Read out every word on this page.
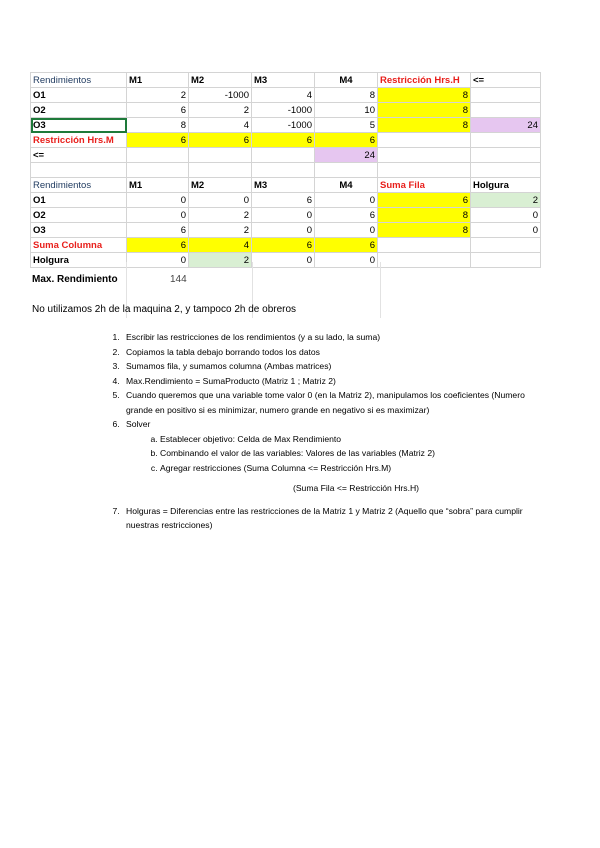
Rendimientos	M1	M2	M3	M4	Restricción Hrs.H	<=
O1	2	-1000	4	8	8	
O2	6	2	-1000	10	8	
O3	8	4	-1000	5	8	24
Restricción Hrs.M	6	6	6	6		
<=				24		

Rendimientos	M1	M2	M3	M4	Suma Fila	Holgura
O1	0	0	6	0	6	2
O2	0	2	0	6	8	0
O3	6	2	0	0	8	0
Suma Columna	6	4	6	6		
Holgura	0	2	0	0		
Max. Rendimiento	144
No utilizamos 2h de la maquina 2, y tampoco 2h de obreros
1. Escribir las restricciones de los rendimientos (y a su lado, la suma)
2. Copiamos la tabla debajo borrando todos los datos
3. Sumamos fila, y sumamos columna (Ambas matrices)
4. Max.Rendimiento = SumaProducto (Matriz 1 ; Matriz 2)
5. Cuando queremos que una variable tome valor 0 (en la Matriz 2), manipulamos los coeficientes (Numero grande en positivo si es minimizar, numero grande en negativo si es maximizar)
6. Solver
a. Establecer objetivo: Celda de Max Rendimiento
b. Combinando el valor de las variables: Valores de las variables (Matriz 2)
c. Agregar restricciones (Suma Columna <= Restricción Hrs.M)
(Suma Fila <= Restricción Hrs.H)
7. Holguras = Diferencias entre las restricciones de la Matriz 1 y Matriz 2 (Aquello que “sobra” para cumplir nuestras restricciones)
